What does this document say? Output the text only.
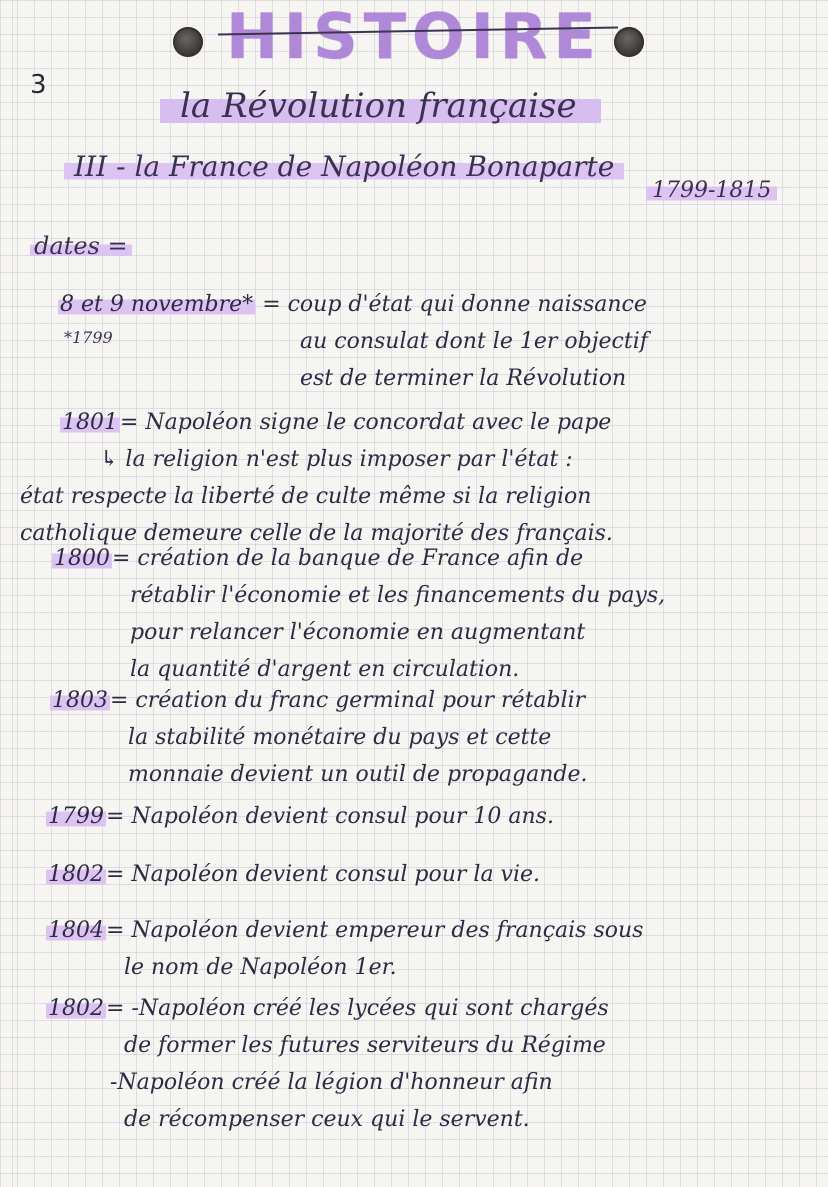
HISTOIRE
3
la Révolution française
III - la France de Napoléon Bonaparte
1799-1815
dates =
8 et 9 novembre* = coup d'état qui donne naissance
*1799	au consulat dont le 1er objectif
est de terminer la Révolution
1801= Napoléon signe le concordat avec le pape
↳ la religion n'est plus imposer par l'état :
état respecte la liberté de culte même si la religion
catholique demeure celle de la majorité des français.
1800= création de la banque de France afin de
rétablir l'économie et les financements du pays,
pour relancer l'économie en augmentant
la quantité d'argent en circulation.
1803= création du franc germinal pour rétablir
la stabilité monétaire du pays et cette
monnaie devient un outil de propagande.
1799= Napoléon devient consul pour 10 ans.
1802= Napoléon devient consul pour la vie.
1804= Napoléon devient empereur des français sous
le nom de Napoléon 1er.
1802= -Napoléon créé les lycées qui sont chargés
de former les futures serviteurs du Régime
-Napoléon créé la légion d'honneur afin
de récompenser ceux qui le servent.
